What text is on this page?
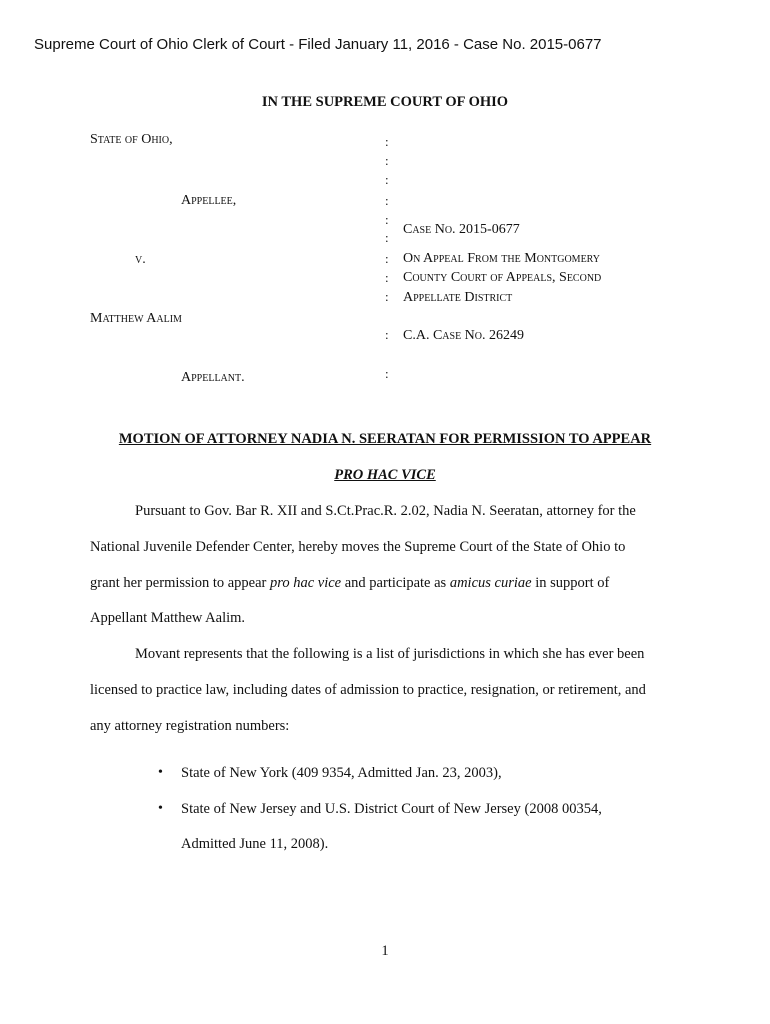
Supreme Court of Ohio Clerk of Court - Filed January 11, 2016 - Case No. 2015-0677
IN THE SUPREME COURT OF OHIO
State of Ohio,
Appellee,
v.
Matthew Aalim
Appellant.
:
:
:
:
:
:
:
:
:
:
:
Case No. 2015-0677
On Appeal From the Montgomery
County Court of Appeals, Second
Appellate District
C.A. Case No. 26249
MOTION OF ATTORNEY NADIA N. SEERATAN FOR PERMISSION TO APPEAR
PRO HAC VICE
Pursuant to Gov. Bar R. XII and S.Ct.Prac.R. 2.02, Nadia N. Seeratan, attorney for the
National Juvenile Defender Center, hereby moves the Supreme Court of the State of Ohio to
grant her permission to appear pro hac vice and participate as amicus curiae in support of
Appellant Matthew Aalim.
Movant represents that the following is a list of jurisdictions in which she has ever been
licensed to practice law, including dates of admission to practice, resignation, or retirement, and
any attorney registration numbers:
• State of New York (409 9354, Admitted Jan. 23, 2003),
• State of New Jersey and U.S. District Court of New Jersey (2008 00354,
Admitted June 11, 2008).
1
